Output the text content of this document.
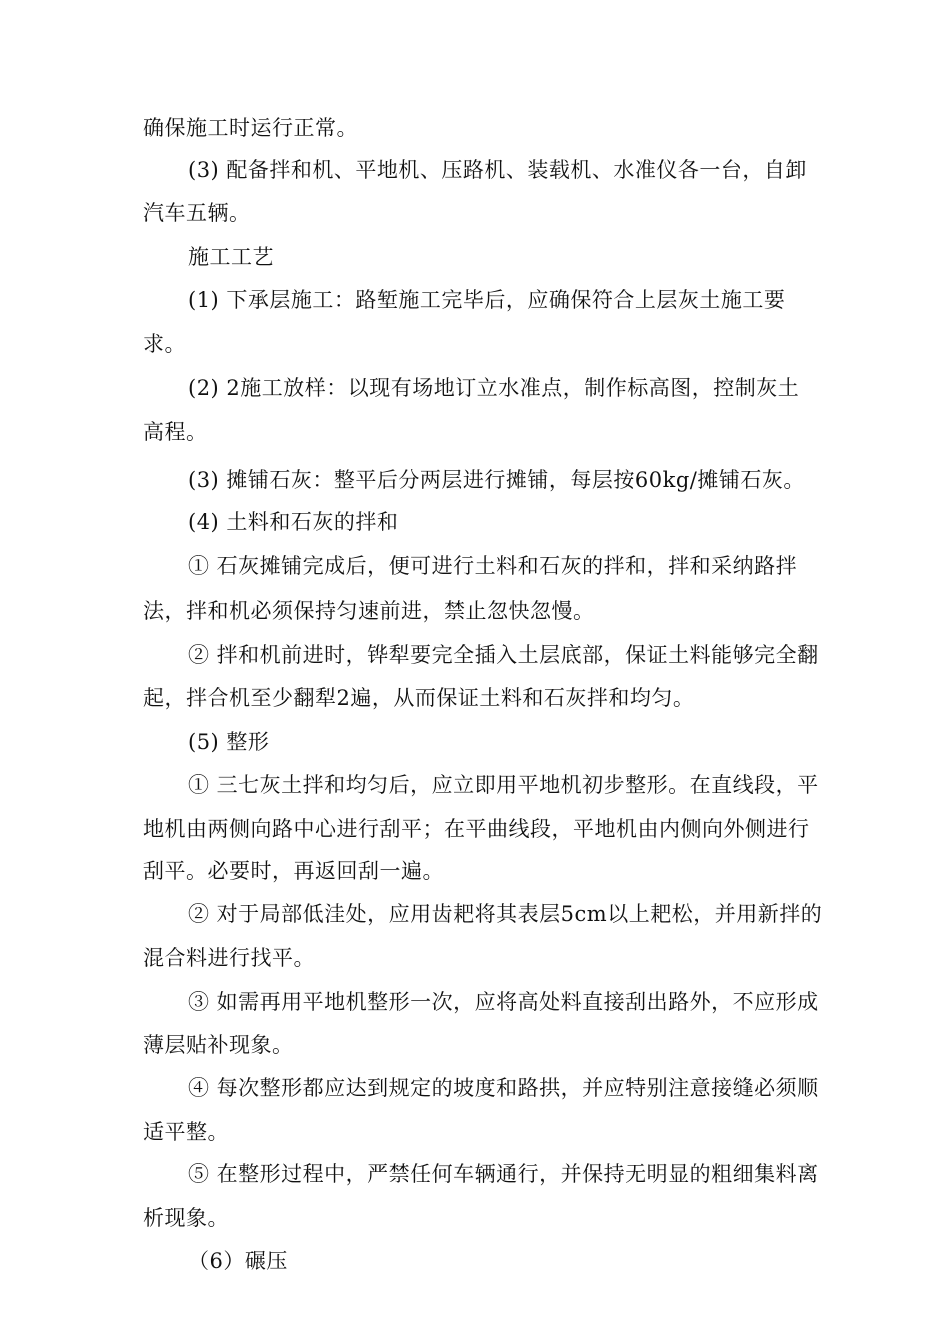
确保施工时运行正常。
(3) 配备拌和机、平地机、压路机、装载机、水准仪各一台，自卸
汽车五辆。
施工工艺
(1) 下承层施工：路堑施工完毕后，应确保符合上层灰土施工要
求。
(2) 2施工放样：以现有场地订立水准点，制作标高图，控制灰土
高程。
(3) 摊铺石灰：整平后分两层进行摊铺，每层按60kg/摊铺石灰。
(4) 土料和石灰的拌和
① 石灰摊铺完成后，便可进行土料和石灰的拌和，拌和采纳路拌
法，拌和机必须保持匀速前进，禁止忽快忽慢。
② 拌和机前进时，铧犁要完全插入土层底部，保证土料能够完全翻
起，拌合机至少翻犁2遍，从而保证土料和石灰拌和均匀。
(5) 整形
① 三七灰土拌和均匀后，应立即用平地机初步整形。在直线段，平
地机由两侧向路中心进行刮平；在平曲线段，平地机由内侧向外侧进行
刮平。必要时，再返回刮一遍。
② 对于局部低洼处，应用齿耙将其表层5cm以上耙松，并用新拌的
混合料进行找平。
③ 如需再用平地机整形一次，应将高处料直接刮出路外，不应形成
薄层贴补现象。
④ 每次整形都应达到规定的坡度和路拱，并应特别注意接缝必须顺
适平整。
⑤ 在整形过程中，严禁任何车辆通行，并保持无明显的粗细集料离
析现象。
（6）碾压
